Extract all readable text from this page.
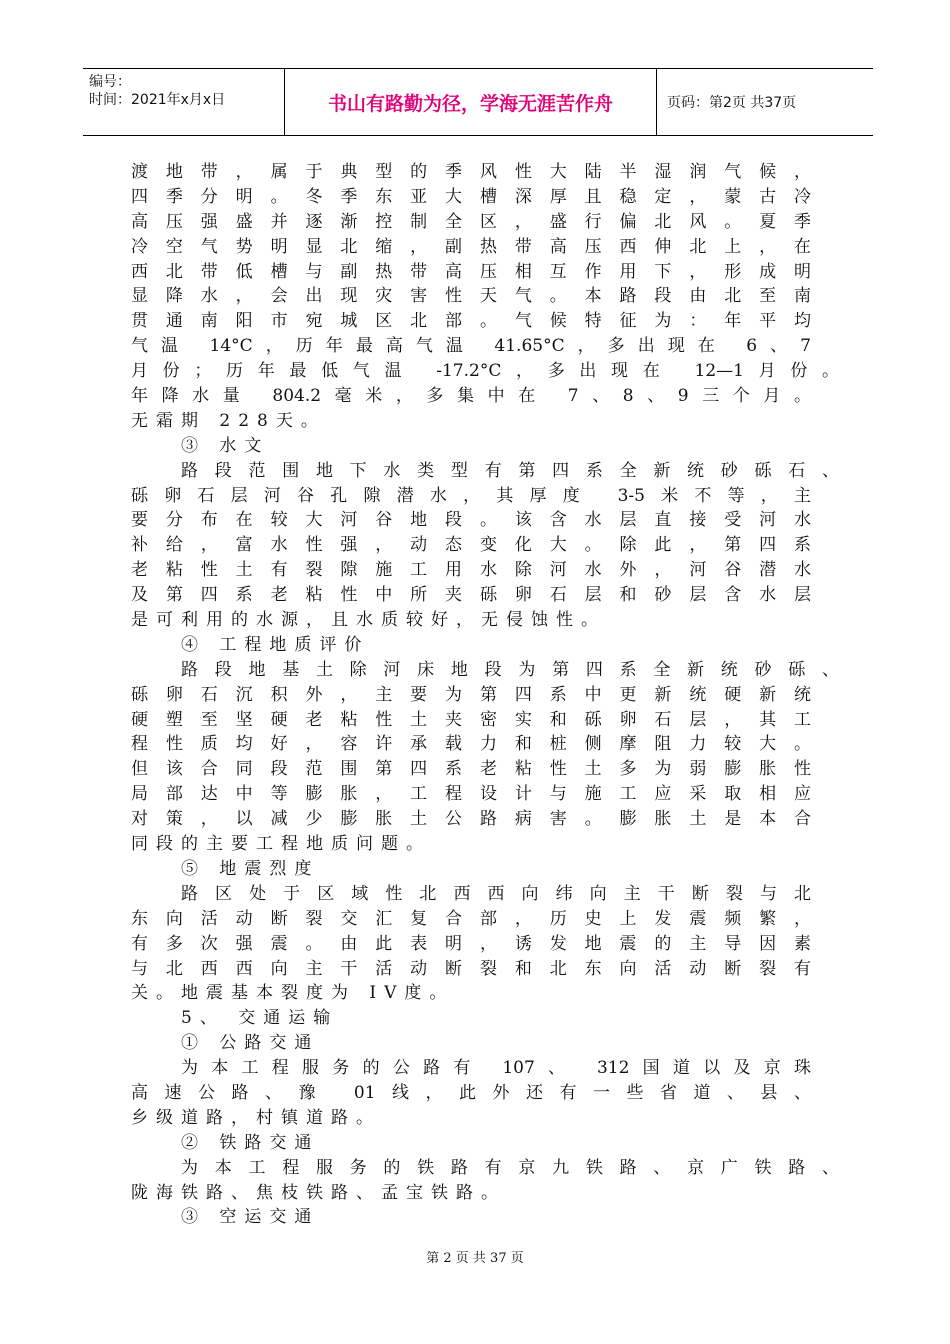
编号：
时间：2021年x月x日	书山有路勤为径，学海无涯苦作舟	页码：第2页 共37页
渡地带，属于典型的季风性大陆半湿润气候，
四季分明。冬季东亚大槽深厚且稳定，蒙古冷
高压强盛并逐渐控制全区，盛行偏北风。夏季
冷空气势明显北缩，副热带高压西伸北上，在
西北带低槽与副热带高压相互作用下，形成明
显降水，会出现灾害性天气。本路段由北至南
贯通南阳市宛城区北部。气候特征为：年平均
气温 14°C，历年最高气温 41.65°C，多出现在 6、7
月份；历年最低气温 -17.2°C，多出现在 12—1月份。
年降水量 804.2毫米，多集中在 7、8、9三个月。
无霜期 228天。
③ 水文
路段范围地下水类型有第四系全新统砂砾石、
砾卵石层河谷孔隙潜水，其厚度 3-5米不等，主
要分布在较大河谷地段。该含水层直接受河水
补给，富水性强，动态变化大。除此，第四系
老粘性土有裂隙施工用水除河水外，河谷潜水
及第四系老粘性中所夹砾卵石层和砂层含水层
是可利用的水源，且水质较好，无侵蚀性。
④ 工程地质评价
路段地基土除河床地段为第四系全新统砂砾、
砾卵石沉积外，主要为第四系中更新统硬新统
硬塑至坚硬老粘性土夹密实和砾卵石层，其工
程性质均好，容许承载力和桩侧摩阻力较大。
但该合同段范围第四系老粘性土多为弱膨胀性
局部达中等膨胀，工程设计与施工应采取相应
对策，以减少膨胀土公路病害。膨胀土是本合
同段的主要工程地质问题。
⑤ 地震烈度
路区处于区域性北西西向纬向主干断裂与北
东向活动断裂交汇复合部，历史上发震频繁，
有多次强震。由此表明，诱发地震的主导因素
与北西西向主干活动断裂和北东向活动断裂有
关。地震基本裂度为 IV度。
5、 交通运输
① 公路交通
为本工程服务的公路有 107、 312国道以及京珠
高速公路、豫 01线，此外还有一些省道、县、
乡级道路，村镇道路。
② 铁路交通
为本工程服务的铁路有京九铁路、京广铁路、
陇海铁路、焦枝铁路、孟宝铁路。
③ 空运交通
第 2 页 共 37 页
